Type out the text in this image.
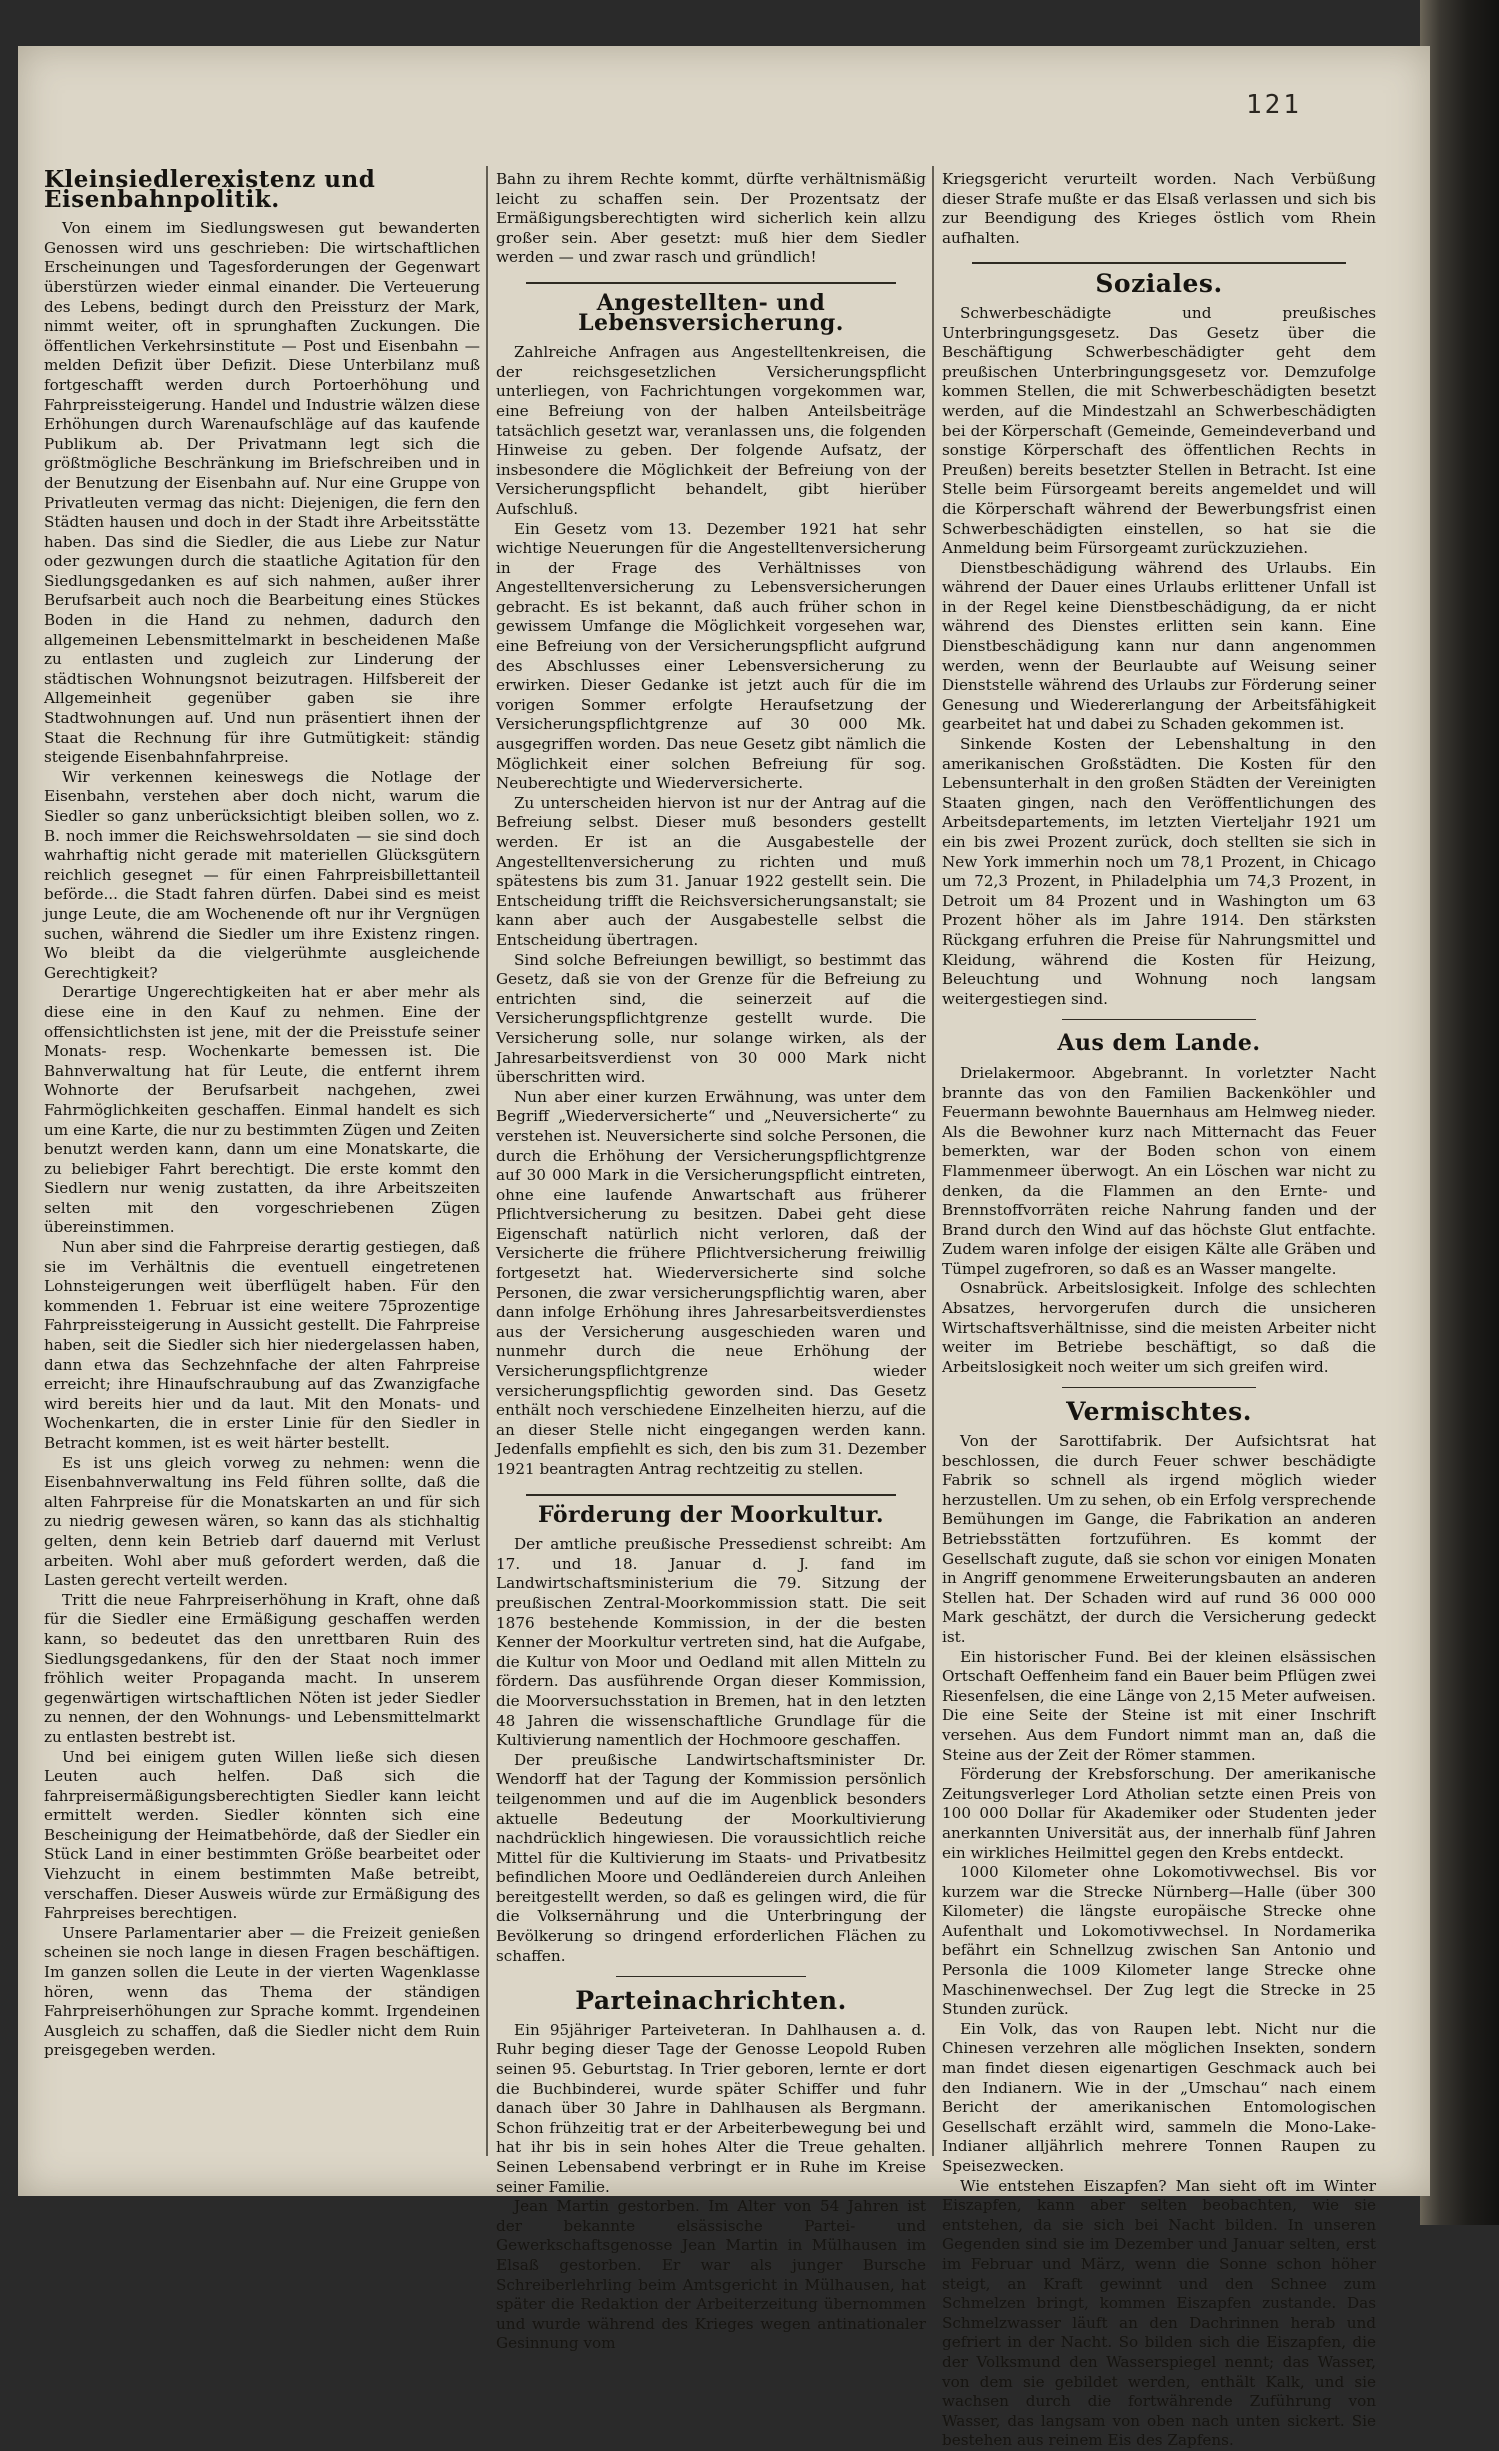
121
Kleinsiedlerexistenz und Eisenbahnpolitik.

Von einem im Siedlungswesen gut bewanderten Genossen wird uns geschrieben: Die wirtschaftlichen Erscheinungen und Tagesforderungen der Gegenwart überstürzen wieder einmal einander. Die Verteuerung des Lebens, bedingt durch den Preissturz der Mark, nimmt weiter, oft in sprunghaften Zuckungen. Die öffentlichen Verkehrsinstitute — Post und Eisenbahn — melden Defizit über Defizit. Diese Unterbilanz muß fortgeschafft werden durch Portoerhöhung und Fahrpreissteigerung. Handel und Industrie wälzen diese Erhöhungen durch Warenaufschläge auf das kaufende Publikum ab. Der Privatmann legt sich die größtmögliche Beschränkung im Briefschreiben und in der Benutzung der Eisenbahn auf. Nur eine Gruppe von Privatleuten vermag das nicht: Diejenigen, die fern den Städten hausen und doch in der Stadt ihre Arbeitsstätte haben. Das sind die Siedler, die aus Liebe zur Natur oder gezwungen durch die staatliche Agitation für den Siedlungsgedanken es auf sich nahmen, außer ihrer Berufsarbeit auch noch die Bearbeitung eines Stückes Boden in die Hand zu nehmen, dadurch den allgemeinen Lebensmittelmarkt in bescheidenen Maße zu entlasten und zugleich zur Linderung der städtischen Wohnungsnot beizutragen. Hilfsbereit der Allgemeinheit gegenüber gaben sie ihre Stadtwohnungen auf. Und nun präsentiert ihnen der Staat die Rechnung für ihre Gutmütigkeit: ständig steigende Eisenbahnfahrpreise.

Wir verkennen keineswegs die Notlage der Eisenbahn, verstehen aber doch nicht, warum die Siedler so ganz unberücksichtigt bleiben sollen, wo z. B. noch immer die Reichswehrsoldaten — sie sind doch wahrhaftig nicht gerade mit materiellen Glücksgütern reichlich gesegnet — für einen Fahrpreisbillettanteil beförde... die Stadt fahren dürfen. Dabei sind es meist junge Leute, die am Wochenende oft nur ihr Vergnügen suchen, während die Siedler um ihre Existenz ringen. Wo bleibt da die vielgerühmte ausgleichende Gerechtigkeit?

Derartige Ungerechtigkeiten hat er aber mehr als diese eine in den Kauf zu nehmen. Eine der offensichtlichsten ist jene, mit der die Preisstufe seiner Monats- resp. Wochenkarte bemessen ist. Die Bahnverwaltung hat für Leute, die entfernt ihrem Wohnorte der Berufsarbeit nachgehen, zwei Fahrmöglichkeiten geschaffen. Einmal handelt es sich um eine Karte, die nur zu bestimmten Zügen und Zeiten benutzt werden kann, dann um eine Monatskarte, die zu beliebiger Fahrt berechtigt. Die erste kommt den Siedlern nur wenig zustatten, da ihre Arbeitszeiten selten mit den vorgeschriebenen Zügen übereinstimmen.

Nun aber sind die Fahrpreise derartig gestiegen, daß sie im Verhältnis die eventuell eingetretenen Lohnsteigerungen weit überflügelt haben. Für den kommenden 1. Februar ist eine weitere 75prozentige Fahrpreissteigerung in Aussicht gestellt. Die Fahrpreise haben, seit die Siedler sich hier niedergelassen haben, dann etwa das Sechzehnfache der alten Fahrpreise erreicht; ihre Hinaufschraubung auf das Zwanzigfache wird bereits hier und da laut. Mit den Monats- und Wochenkarten, die in erster Linie für den Siedler in Betracht kommen, ist es weit härter bestellt.

Es ist uns gleich vorweg zu nehmen: wenn die Eisenbahnverwaltung ins Feld führen sollte, daß die alten Fahrpreise für die Monatskarten an und für sich zu niedrig gewesen wären, so kann das als stichhaltig gelten, denn kein Betrieb darf dauernd mit Verlust arbeiten. Wohl aber muß gefordert werden, daß die Lasten gerecht verteilt werden.

Tritt die neue Fahrpreiserhöhung in Kraft, ohne daß für die Siedler eine Ermäßigung geschaffen werden kann, so bedeutet das den unrettbaren Ruin des Siedlungsgedankens, für den der Staat noch immer fröhlich weiter Propaganda macht. In unserem gegenwärtigen wirtschaftlichen Nöten ist jeder Siedler zu nennen, der den Wohnungs- und Lebensmittelmarkt zu entlasten bestrebt ist.

Und bei einigem guten Willen ließe sich diesen Leuten auch helfen. Daß sich die fahrpreisermäßigungsberechtigten Siedler kann leicht ermittelt werden. Siedler könnten sich eine Bescheinigung der Heimatbehörde, daß der Siedler ein Stück Land in einer bestimmten Größe bearbeitet oder Viehzucht in einem bestimmten Maße betreibt, verschaffen. Dieser Ausweis würde zur Ermäßigung des Fahrpreises berechtigen.

Unsere Parlamentarier aber — die Freizeit genießen scheinen sie noch lange in diesen Fragen beschäftigen. Im ganzen sollen die Leute in der vierten Wagenklasse hören, wenn das Thema der ständigen Fahrpreiserhöhungen zur Sprache kommt. Irgendeinen Ausgleich zu schaffen, daß die Siedler nicht dem Ruin preisgegeben werden.

Bahn zu ihrem Rechte kommt, dürfte verhältnismäßig leicht zu schaffen sein. Der Prozentsatz der Ermäßigungsberechtigten wird sicherlich kein allzu großer sein. Aber gesetzt: muß hier dem Siedler werden — und zwar rasch und gründlich!

Angestellten- und Lebensversicherung.

Zahlreiche Anfragen aus Angestelltenkreisen, die der reichsgesetzlichen Versicherungspflicht unterliegen, von Fachrichtungen vorgekommen war, eine Befreiung von der halben Anteilsbeiträge tatsächlich gesetzt war, veranlassen uns, die folgenden Hinweise zu geben. Der folgende Aufsatz, der insbesondere die Möglichkeit der Befreiung von der Versicherungspflicht behandelt, gibt hierüber Aufschluß.

Ein Gesetz vom 13. Dezember 1921 hat sehr wichtige Neuerungen für die Angestelltenversicherung in der Frage des Verhältnisses von Angestelltenversicherung zu Lebensversicherungen gebracht. Es ist bekannt, daß auch früher schon in gewissem Umfange die Möglichkeit vorgesehen war, eine Befreiung von der Versicherungspflicht aufgrund des Abschlusses einer Lebensversicherung zu erwirken. Dieser Gedanke ist jetzt auch für die im vorigen Sommer erfolgte Heraufsetzung der Versicherungspflichtgrenze auf 30 000 Mk. ausgegriffen worden. Das neue Gesetz gibt nämlich die Möglichkeit einer solchen Befreiung für sog. Neuberechtigte und Wiederversicherte.

Zu unterscheiden hiervon ist nur der Antrag auf die Befreiung selbst. Dieser muß besonders gestellt werden. Er ist an die Ausgabestelle der Angestelltenversicherung zu richten und muß spätestens bis zum 31. Januar 1922 gestellt sein. Die Entscheidung trifft die Reichsversicherungsanstalt; sie kann aber auch der Ausgabestelle selbst die Entscheidung übertragen.

Sind solche Befreiungen bewilligt, so bestimmt das Gesetz, daß sie von der Grenze für die Befreiung zu entrichten sind, die seinerzeit auf die Versicherungspflichtgrenze gestellt wurde. Die Versicherung solle, nur solange wirken, als der Jahresarbeitsverdienst von 30 000 Mark nicht überschritten wird.

Nun aber einer kurzen Erwähnung, was unter dem Begriff „Wiederversicherte“ und „Neuversicherte“ zu verstehen ist. Neuversicherte sind solche Personen, die durch die Erhöhung der Versicherungspflichtgrenze auf 30 000 Mark in die Versicherungspflicht eintreten, ohne eine laufende Anwartschaft aus früherer Pflichtversicherung zu besitzen. Dabei geht diese Eigenschaft natürlich nicht verloren, daß der Versicherte die frühere Pflichtversicherung freiwillig fortgesetzt hat. Wiederversicherte sind solche Personen, die zwar versicherungspflichtig waren, aber dann infolge Erhöhung ihres Jahresarbeitsverdienstes aus der Versicherung ausgeschieden waren und nunmehr durch die neue Erhöhung der Versicherungspflichtgrenze wieder versicherungspflichtig geworden sind. Das Gesetz enthält noch verschiedene Einzelheiten hierzu, auf die an dieser Stelle nicht eingegangen werden kann. Jedenfalls empfiehlt es sich, den bis zum 31. Dezember 1921 beantragten Antrag rechtzeitig zu stellen.

Förderung der Moorkultur.

Der amtliche preußische Pressedienst schreibt: Am 17. und 18. Januar d. J. fand im Landwirtschaftsministerium die 79. Sitzung der preußischen Zentral-Moorkommission statt. Die seit 1876 bestehende Kommission, in der die besten Kenner der Moorkultur vertreten sind, hat die Aufgabe, die Kultur von Moor und Oedland mit allen Mitteln zu fördern. Das ausführende Organ dieser Kommission, die Moorversuchsstation in Bremen, hat in den letzten 48 Jahren die wissenschaftliche Grundlage für die Kultivierung namentlich der Hochmoore geschaffen.

Der preußische Landwirtschaftsminister Dr. Wendorff hat der Tagung der Kommission persönlich teilgenommen und auf die im Augenblick besonders aktuelle Bedeutung der Moorkultivierung nachdrücklich hingewiesen. Die voraussichtlich reiche Mittel für die Kultivierung im Staats- und Privatbesitz befindlichen Moore und Oedländereien durch Anleihen bereitgestellt werden, so daß es gelingen wird, die für die Volksernährung und die Unterbringung der Bevölkerung so dringend erforderlichen Flächen zu schaffen.

Parteinachrichten.

Ein 95jähriger Parteiveteran. In Dahlhausen a. d. Ruhr beging dieser Tage der Genosse Leopold Ruben seinen 95. Geburtstag. In Trier geboren, lernte er dort die Buchbinderei, wurde später Schiffer und fuhr danach über 30 Jahre in Dahlhausen als Bergmann. Schon frühzeitig trat er der Arbeiterbewegung bei und hat ihr bis in sein hohes Alter die Treue gehalten. Seinen Lebensabend verbringt er in Ruhe im Kreise seiner Familie.

Jean Martin gestorben. Im Alter von 54 Jahren ist der bekannte elsässische Partei- und Gewerkschaftsgenosse Jean Martin in Mülhausen im Elsaß gestorben. Er war als junger Bursche Schreiberlehrling beim Amtsgericht in Mülhausen, hat später die Redaktion der Arbeiterzeitung übernommen und wurde während des Krieges wegen antinationaler Gesinnung vom

Kriegsgericht verurteilt worden. Nach Verbüßung dieser Strafe mußte er das Elsaß verlassen und sich bis zur Beendigung des Krieges östlich vom Rhein aufhalten.

Soziales.

Schwerbeschädigte und preußisches Unterbringungsgesetz. Das Gesetz über die Beschäftigung Schwerbeschädigter geht dem preußischen Unterbringungsgesetz vor. Demzufolge kommen Stellen, die mit Schwerbeschädigten besetzt werden, auf die Mindestzahl an Schwerbeschädigten bei der Körperschaft (Gemeinde, Gemeindeverband und sonstige Körperschaft des öffentlichen Rechts in Preußen) bereits besetzter Stellen in Betracht. Ist eine Stelle beim Fürsorgeamt bereits angemeldet und will die Körperschaft während der Bewerbungsfrist einen Schwerbeschädigten einstellen, so hat sie die Anmeldung beim Fürsorgeamt zurückzuziehen.

Dienstbeschädigung während des Urlaubs. Ein während der Dauer eines Urlaubs erlittener Unfall ist in der Regel keine Dienstbeschädigung, da er nicht während des Dienstes erlitten sein kann. Eine Dienstbeschädigung kann nur dann angenommen werden, wenn der Beurlaubte auf Weisung seiner Dienststelle während des Urlaubs zur Förderung seiner Genesung und Wiedererlangung der Arbeitsfähigkeit gearbeitet hat und dabei zu Schaden gekommen ist.

Sinkende Kosten der Lebenshaltung in den amerikanischen Großstädten. Die Kosten für den Lebensunterhalt in den großen Städten der Vereinigten Staaten gingen, nach den Veröffentlichungen des Arbeitsdepartements, im letzten Vierteljahr 1921 um ein bis zwei Prozent zurück, doch stellten sie sich in New York immerhin noch um 78,1 Prozent, in Chicago um 72,3 Prozent, in Philadelphia um 74,3 Prozent, in Detroit um 84 Prozent und in Washington um 63 Prozent höher als im Jahre 1914. Den stärksten Rückgang erfuhren die Preise für Nahrungsmittel und Kleidung, während die Kosten für Heizung, Beleuchtung und Wohnung noch langsam weitergestiegen sind.

Aus dem Lande.

Drielakermoor. Abgebrannt. In vorletzter Nacht brannte das von den Familien Backenköhler und Feuermann bewohnte Bauernhaus am Helmweg nieder. Als die Bewohner kurz nach Mitternacht das Feuer bemerkten, war der Boden schon von einem Flammenmeer überwogt. An ein Löschen war nicht zu denken, da die Flammen an den Ernte- und Brennstoffvorräten reiche Nahrung fanden und der Brand durch den Wind auf das höchste Glut entfachte. Zudem waren infolge der eisigen Kälte alle Gräben und Tümpel zugefroren, so daß es an Wasser mangelte.

Osnabrück. Arbeitslosigkeit. Infolge des schlechten Absatzes, hervorgerufen durch die unsicheren Wirtschaftsverhältnisse, sind die meisten Arbeiter nicht weiter im Betriebe beschäftigt, so daß die Arbeitslosigkeit noch weiter um sich greifen wird.

Vermischtes.

Von der Sarottifabrik. Der Aufsichtsrat hat beschlossen, die durch Feuer schwer beschädigte Fabrik so schnell als irgend möglich wieder herzustellen. Um zu sehen, ob ein Erfolg versprechende Bemühungen im Gange, die Fabrikation an anderen Betriebsstätten fortzuführen. Es kommt der Gesellschaft zugute, daß sie schon vor einigen Monaten in Angriff genommene Erweiterungsbauten an anderen Stellen hat. Der Schaden wird auf rund 36 000 000 Mark geschätzt, der durch die Versicherung gedeckt ist.

Ein historischer Fund. Bei der kleinen elsässischen Ortschaft Oeffenheim fand ein Bauer beim Pflügen zwei Riesenfelsen, die eine Länge von 2,15 Meter aufweisen. Die eine Seite der Steine ist mit einer Inschrift versehen. Aus dem Fundort nimmt man an, daß die Steine aus der Zeit der Römer stammen.

Förderung der Krebsforschung. Der amerikanische Zeitungsverleger Lord Atholian setzte einen Preis von 100 000 Dollar für Akademiker oder Studenten jeder anerkannten Universität aus, der innerhalb fünf Jahren ein wirkliches Heilmittel gegen den Krebs entdeckt.

1000 Kilometer ohne Lokomotivwechsel. Bis vor kurzem war die Strecke Nürnberg—Halle (über 300 Kilometer) die längste europäische Strecke ohne Aufenthalt und Lokomotivwechsel. In Nordamerika befährt ein Schnellzug zwischen San Antonio und Personla die 1009 Kilometer lange Strecke ohne Maschinenwechsel. Der Zug legt die Strecke in 25 Stunden zurück.

Ein Volk, das von Raupen lebt. Nicht nur die Chinesen verzehren alle möglichen Insekten, sondern man findet diesen eigenartigen Geschmack auch bei den Indianern. Wie in der „Umschau“ nach einem Bericht der amerikanischen Entomologischen Gesellschaft erzählt wird, sammeln die Mono-Lake-Indianer alljährlich mehrere Tonnen Raupen zu Speisezwecken.

Wie entstehen Eiszapfen? Man sieht oft im Winter Eiszapfen, kann aber selten beobachten, wie sie entstehen, da sie sich bei Nacht bilden. In unseren Gegenden sind sie im Dezember und Januar selten, erst im Februar und März, wenn die Sonne schon höher steigt, an Kraft gewinnt und den Schnee zum Schmelzen bringt, kommen Eiszapfen zustande. Das Schmelzwasser läuft an den Dachrinnen herab und gefriert in der Nacht. So bilden sich die Eiszapfen, die der Volksmund den Wasserspiegel nennt; das Wasser, von dem sie gebildet werden, enthält Kalk, und sie wachsen durch die fortwährende Zuführung von Wasser, das langsam von oben nach unten sickert. Sie bestehen aus reinem Eis des Zapfens.
